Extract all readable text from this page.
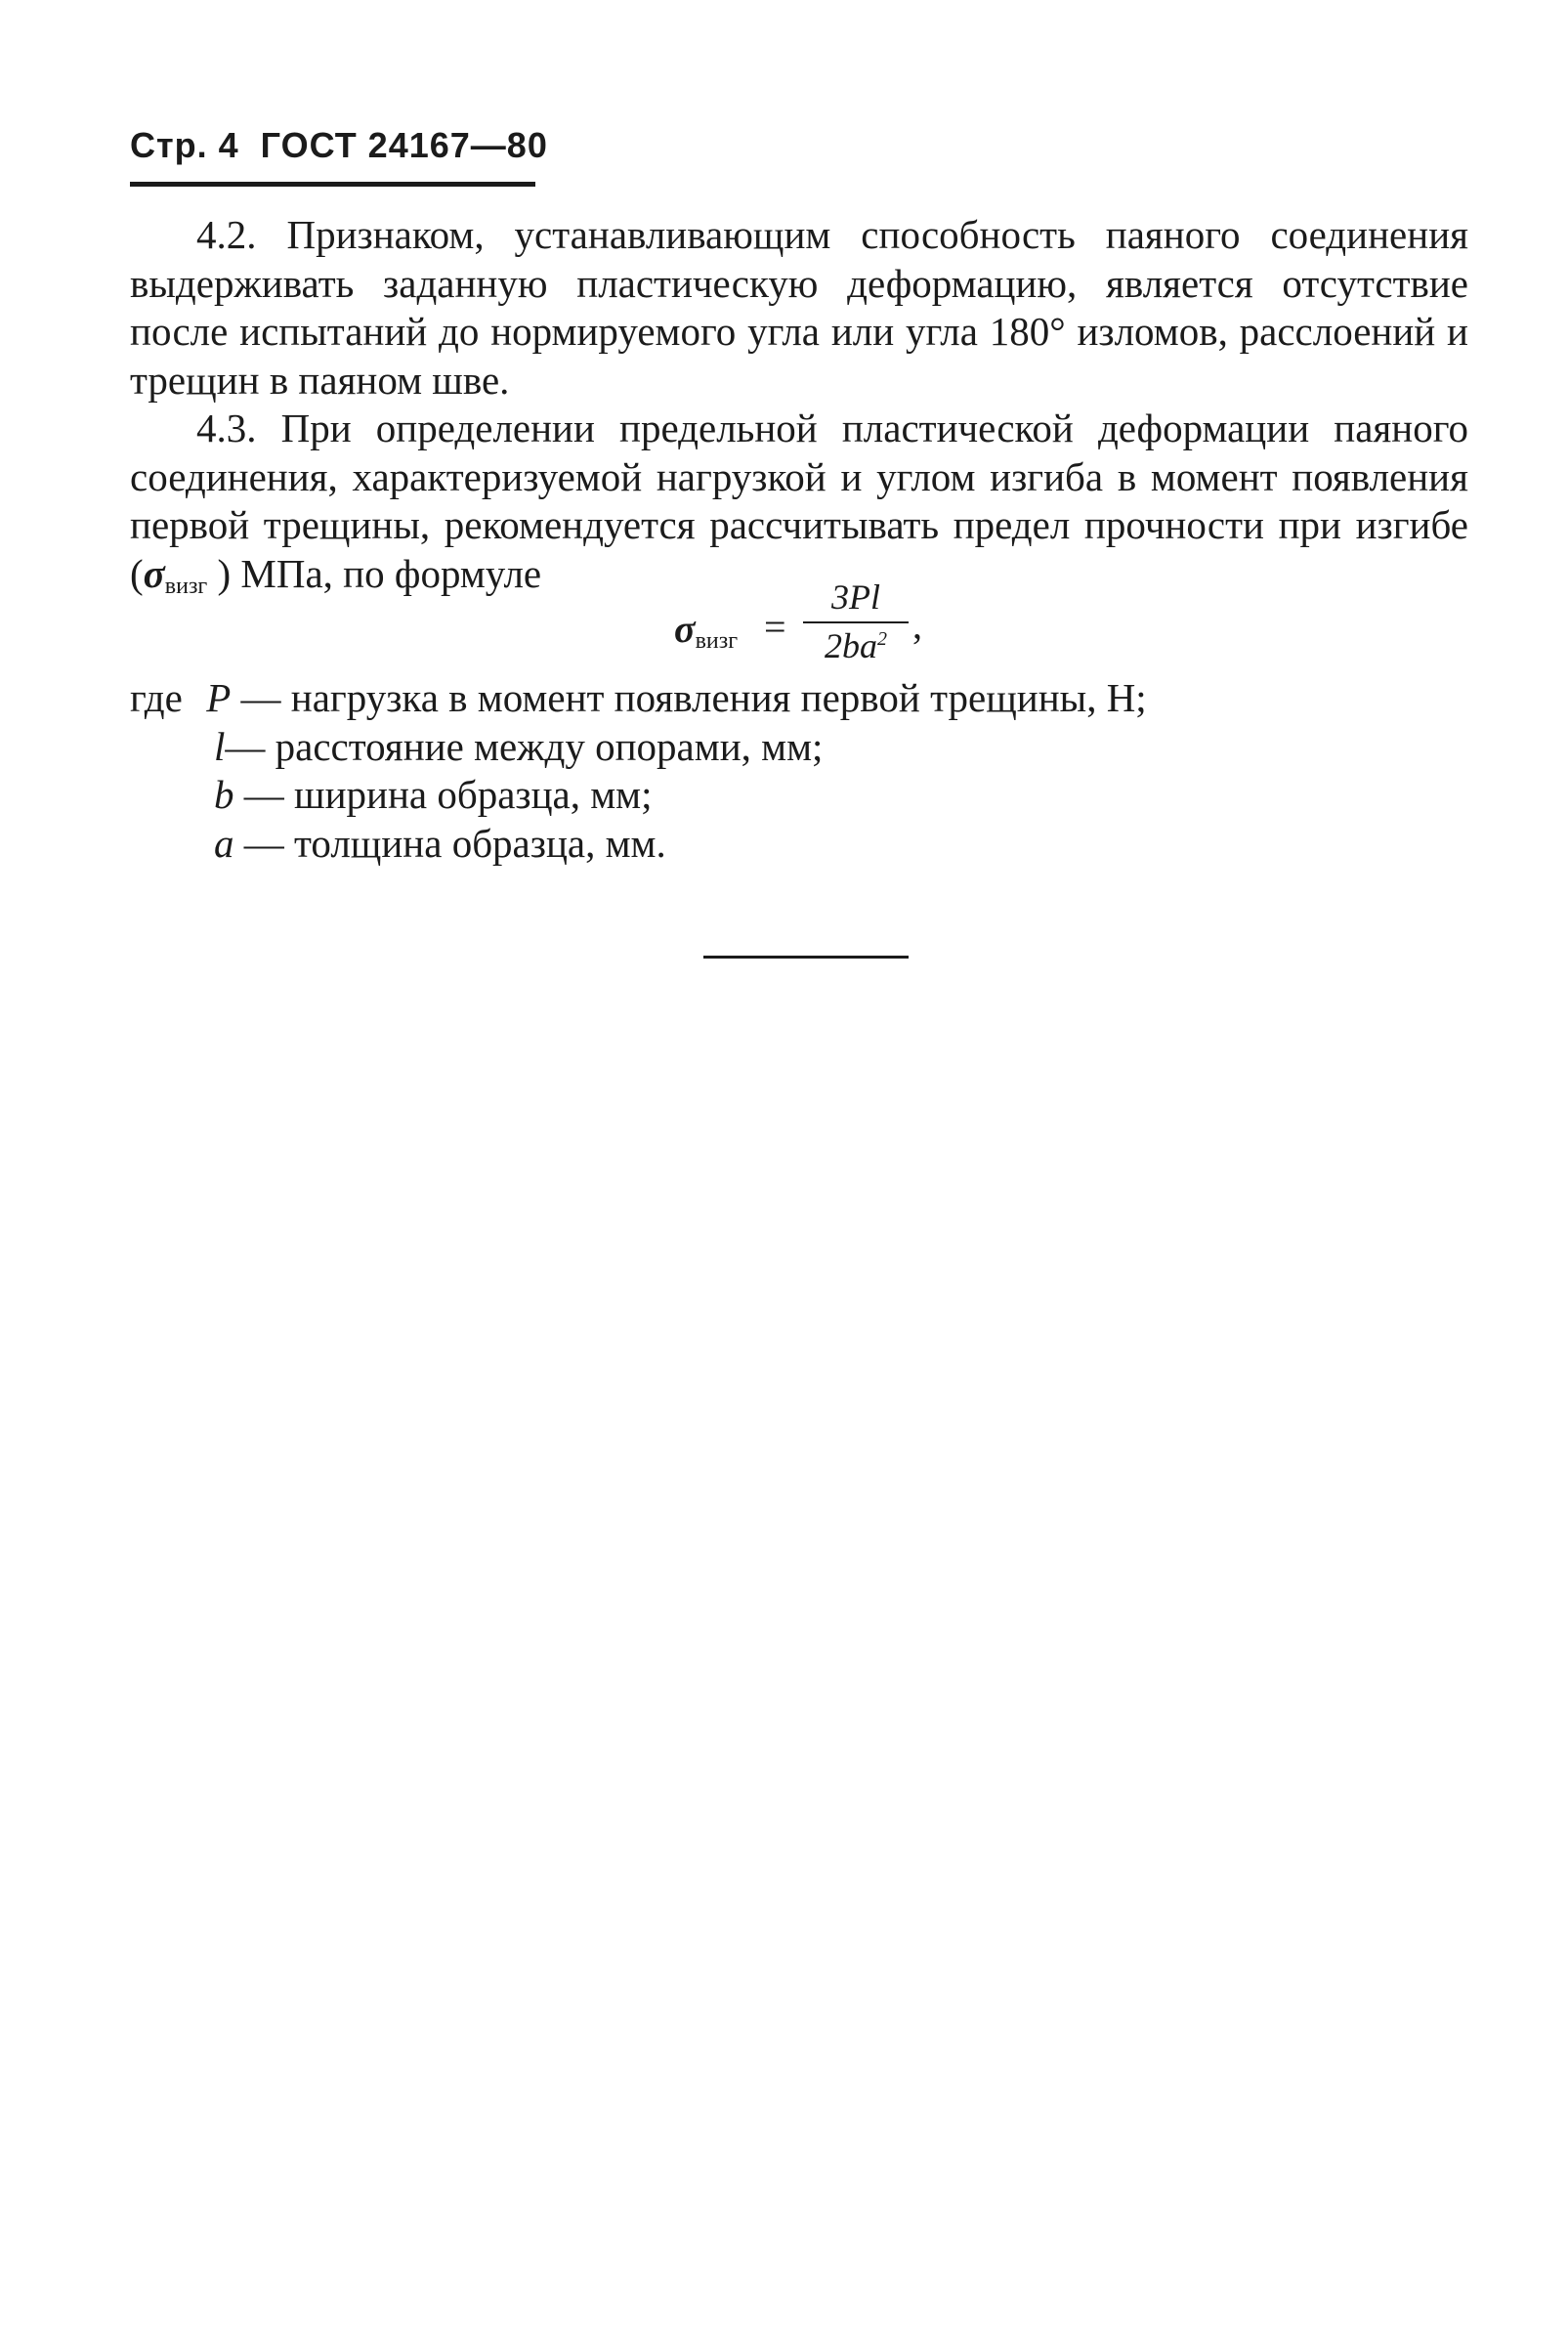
Стр. 4 ГОСТ 24167—80

4.2. Признаком, устанавливающим способность паяного соединения выдерживать заданную пластическую деформацию, является отсутствие после испытаний до нормируемого угла или угла 180° изломов, расслоений и трещин в паяном шве.

4.3. При определении предельной пластической деформации паяного соединения, характеризуемой нагрузкой и углом изгиба в момент появления первой трещины, рекомендуется рассчитывать предел прочности при изгибе ($\sigma_{визг}$ ) МПа, по формуле

$\sigma_{визг}$ =
3Pl
$2ba^2$ ,
где P — нагрузка в момент появления первой трещины, Н;
l— расстояние между опорами, мм;
b — ширина образца, мм;
a — толщина образца, мм.
